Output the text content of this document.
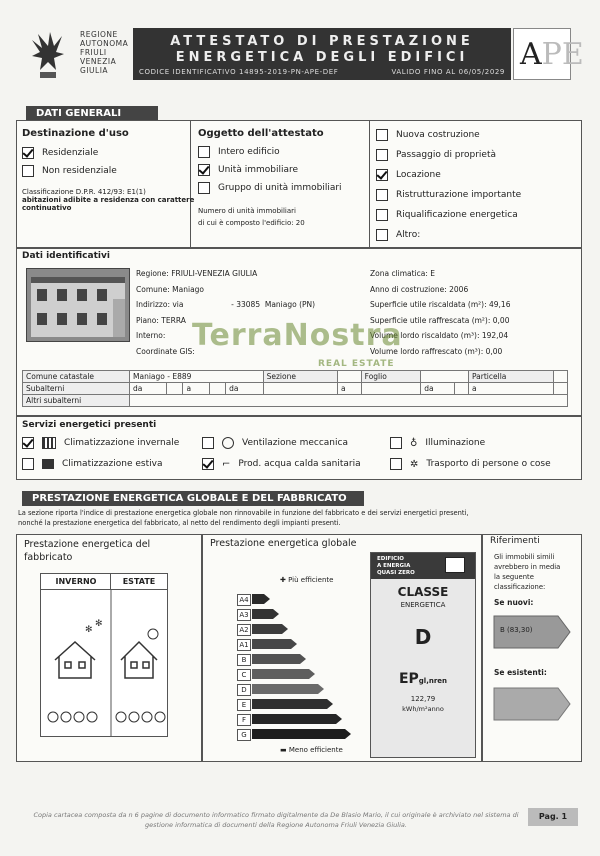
REGIONE
AUTONOMA
FRIULI
VENEZIA
GIULIA
ATTESTATO DI PRESTAZIONE
ENERGETICA DEGLI EDIFICI
CODICE IDENTIFICATIVO 14895-2019-PN-APE-DEF	VALIDO FINO AL 06/05/2029 APE
DATI GENERALI
Destinazione d'uso
Residenziale
Non residenziale
Classificazione D.P.R. 412/93: E1(1)
abitazioni adibite a residenza con carattere
continuativo
Oggetto dell'attestato
Intero edificio
Unità immobiliare
Gruppo di unità immobiliari
Numero di unità immobiliari
di cui è composto l'edificio: 20
Nuova costruzione
Passaggio di proprietà
Locazione
Ristrutturazione importante
Riqualificazione energetica
Altro:
Dati identificativi
Regione: FRIULI-VENEZIA GIULIA
Comune: Maniago
Indirizzo: via                    - 33085  Maniago (PN)
Piano: TERRA
Interno:
Coordinate GIS:
Zona climatica: E
Anno di costruzione: 2006
Superficie utile riscaldata (m²): 49,16
Superficie utile raffrescata (m²): 0,00
Volume lordo riscaldato (m³): 192,04
Volume lordo raffrescato (m³): 0,00
Comune catastale	Maniago - E889					Sezione		Foglio			Particella	
Subalterni	da		a		da		a		da		a	
Altri subalterni												
TerraNostra
REAL ESTATE
Servizi energetici presenti
Climatizzazione invernale
Climatizzazione estiva
Ventilazione meccanica
⌐ Prod. acqua calda sanitaria
♁ Illuminazione
✲ Trasporto di persone o cose
PRESTAZIONE ENERGETICA GLOBALE E DEL FABBRICATO
La sezione riporta l'indice di prestazione energetica globale non rinnovabile in funzione del fabbricato e dei servizi energetici presenti,
nonché la prestazione energetica del fabbricato, al netto del rendimento degli impianti presenti.
Prestazione energetica del
fabbricato
INVERNO	ESTATE
✻
✻
Prestazione energetica globale
✚ Più efficiente
▬ Meno efficiente
A4
A3
A2
A1
B
C
D
E
F
G
EDIFICIO
A ENERGIA
QUASI ZERO
CLASSE
ENERGETICA
D
EPgl,nren
122,79
kWh/m²anno
Riferimenti
Gli immobili simili
avrebbero in media
la seguente
classificazione:
Se nuovi:
B (83,30)
Se esistenti:
Copia cartacea composta da n 6 pagine di documento informatico firmato digitalmente da De Blasio Mario, il cui originale è archiviato nel sistema di
gestione informatica di documenti della Regione Autonoma Friuli Venezia Giulia.
Pag. 1
